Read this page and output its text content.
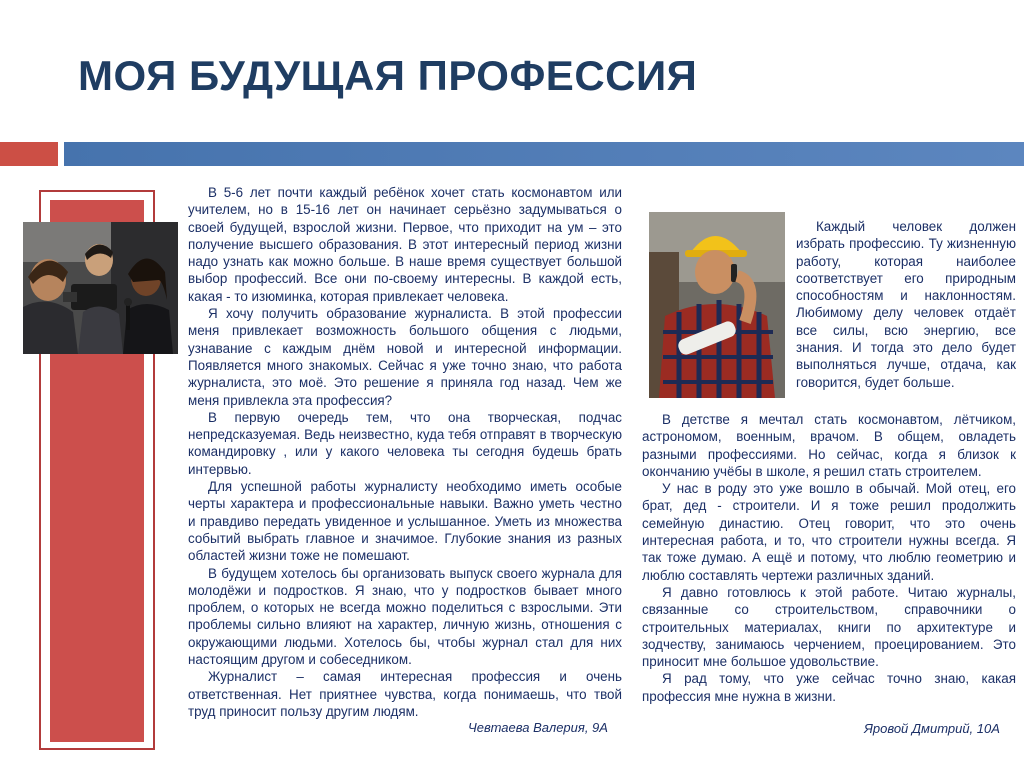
МОЯ БУДУЩАЯ ПРОФЕССИЯ

В 5-6 лет почти каждый ребёнок хочет стать космонавтом или учителем, но в 15-16 лет он начинает серьёзно задумываться о своей будущей, взрослой жизни. Первое, что приходит на ум – это получение высшего образования. В этот интересный период жизни надо узнать как можно больше. В наше время существует большой выбор профессий. Все они по-своему интересны. В каждой есть, какая - то изюминка, которая привлекает человека.

Я хочу получить образование журналиста. В этой профессии меня привлекает возможность большого общения с людьми, узнавание с каждым днём новой и интересной информации. Появляется много знакомых. Сейчас я уже точно знаю, что работа журналиста, это моё. Это решение я приняла год назад. Чем же меня привлекла эта профессия?

В первую очередь тем, что она творческая, подчас непредсказуемая. Ведь неизвестно, куда тебя отправят в творческую командировку , или у какого человека ты сегодня будешь брать интервью.

Для успешной работы журналисту необходимо иметь особые черты характера и профессиональные навыки. Важно уметь честно и правдиво передать увиденное и услышанное. Уметь из множества событий выбрать главное и значимое. Глубокие знания из разных областей жизни тоже не помешают.

В будущем хотелось бы организовать выпуск своего журнала для молодёжи и подростков. Я знаю, что у подростков бывает много проблем, о которых не всегда можно поделиться с взрослыми. Эти проблемы сильно влияют на характер, личную жизнь, отношения с окружающими людьми. Хотелось бы, чтобы журнал стал для них настоящим другом и собеседником.

Журналист – самая интересная профессия и очень ответственная. Нет приятнее чувства, когда понимаешь, что твой труд приносит пользу другим людям.

Чевтаева Валерия, 9А

Каждый человек должен избрать профессию. Ту жизненную работу, которая наиболее соответствует его природным способностям и наклонностям. Любимому делу человек отдаёт все силы, всю энергию, все знания. И тогда это дело будет выполняться лучше, отдача, как говорится, будет больше.

В детстве я мечтал стать космонавтом, лётчиком, астрономом, военным, врачом. В общем, овладеть разными профессиями. Но сейчас, когда я близок к окончанию учёбы в школе, я решил стать строителем.

У нас в роду это уже вошло в обычай. Мой отец, его брат, дед - строители. И я тоже решил продолжить семейную династию. Отец говорит, что это очень интересная работа, и то, что строители нужны всегда. Я так тоже думаю. А ещё и потому, что люблю геометрию и люблю составлять чертежи различных зданий.

Я давно готовлюсь к этой работе. Читаю журналы, связанные со строительством, справочники о строительных материалах, книги по архитектуре и зодчеству, занимаюсь черчением, проецированием. Это приносит мне большое удовольствие.

Я рад тому, что уже сейчас точно знаю, какая профессия мне нужна в жизни.

Яровой Дмитрий, 10А
